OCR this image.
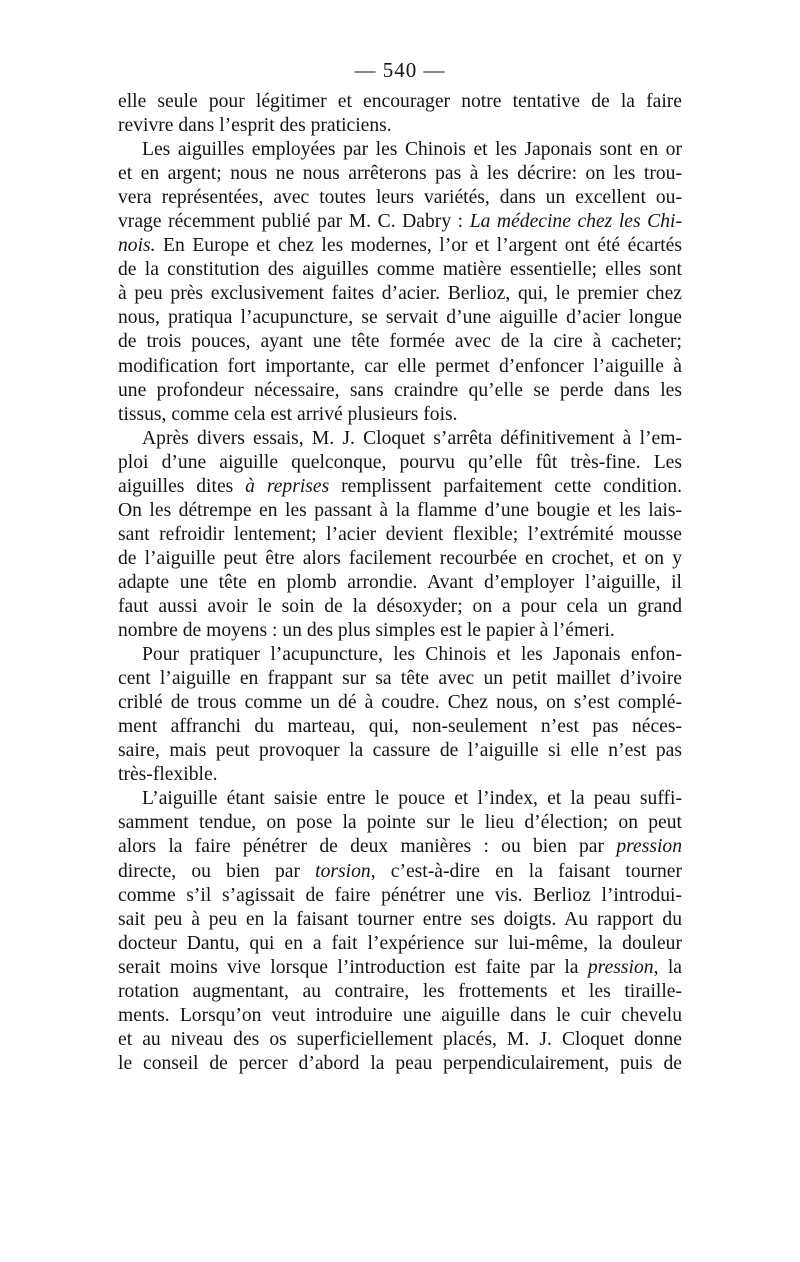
— 540 —
elle seule pour légitimer et encourager notre tentative de la faire
revivre dans l’esprit des praticiens.
Les aiguilles employées par les Chinois et les Japonais sont en or
et en argent; nous ne nous arrêterons pas à les décrire: on les trou-
vera représentées, avec toutes leurs variétés, dans un excellent ou-
vrage récemment publié par M. C. Dabry : La médecine chez les Chi-
nois. En Europe et chez les modernes, l’or et l’argent ont été écartés
de la constitution des aiguilles comme matière essentielle; elles sont
à peu près exclusivement faites d’acier. Berlioz, qui, le premier chez
nous, pratiqua l’acupuncture, se servait d’une aiguille d’acier longue
de trois pouces, ayant une tête formée avec de la cire à cacheter;
modification fort importante, car elle permet d’enfoncer l’aiguille à
une profondeur nécessaire, sans craindre qu’elle se perde dans les
tissus, comme cela est arrivé plusieurs fois.
Après divers essais, M. J. Cloquet s’arrêta définitivement à l’em-
ploi d’une aiguille quelconque, pourvu qu’elle fût très-fine. Les
aiguilles dites à reprises remplissent parfaitement cette condition.
On les détrempe en les passant à la flamme d’une bougie et les lais-
sant refroidir lentement; l’acier devient flexible; l’extrémité mousse
de l’aiguille peut être alors facilement recourbée en crochet, et on y
adapte une tête en plomb arrondie. Avant d’employer l’aiguille, il
faut aussi avoir le soin de la désoxyder; on a pour cela un grand
nombre de moyens : un des plus simples est le papier à l’émeri.
Pour pratiquer l’acupuncture, les Chinois et les Japonais enfon-
cent l’aiguille en frappant sur sa tête avec un petit maillet d’ivoire
criblé de trous comme un dé à coudre. Chez nous, on s’est complé-
ment affranchi du marteau, qui, non-seulement n’est pas néces-
saire, mais peut provoquer la cassure de l’aiguille si elle n’est pas
très-flexible.
L’aiguille étant saisie entre le pouce et l’index, et la peau suffi-
samment tendue, on pose la pointe sur le lieu d’élection; on peut
alors la faire pénétrer de deux manières : ou bien par pression
directe, ou bien par torsion, c’est-à-dire en la faisant tourner
comme s’il s’agissait de faire pénétrer une vis. Berlioz l’introdui-
sait peu à peu en la faisant tourner entre ses doigts. Au rapport du
docteur Dantu, qui en a fait l’expérience sur lui-même, la douleur
serait moins vive lorsque l’introduction est faite par la pression, la
rotation augmentant, au contraire, les frottements et les tiraille-
ments. Lorsqu’on veut introduire une aiguille dans le cuir chevelu
et au niveau des os superficiellement placés, M. J. Cloquet donne
le conseil de percer d’abord la peau perpendiculairement, puis de
